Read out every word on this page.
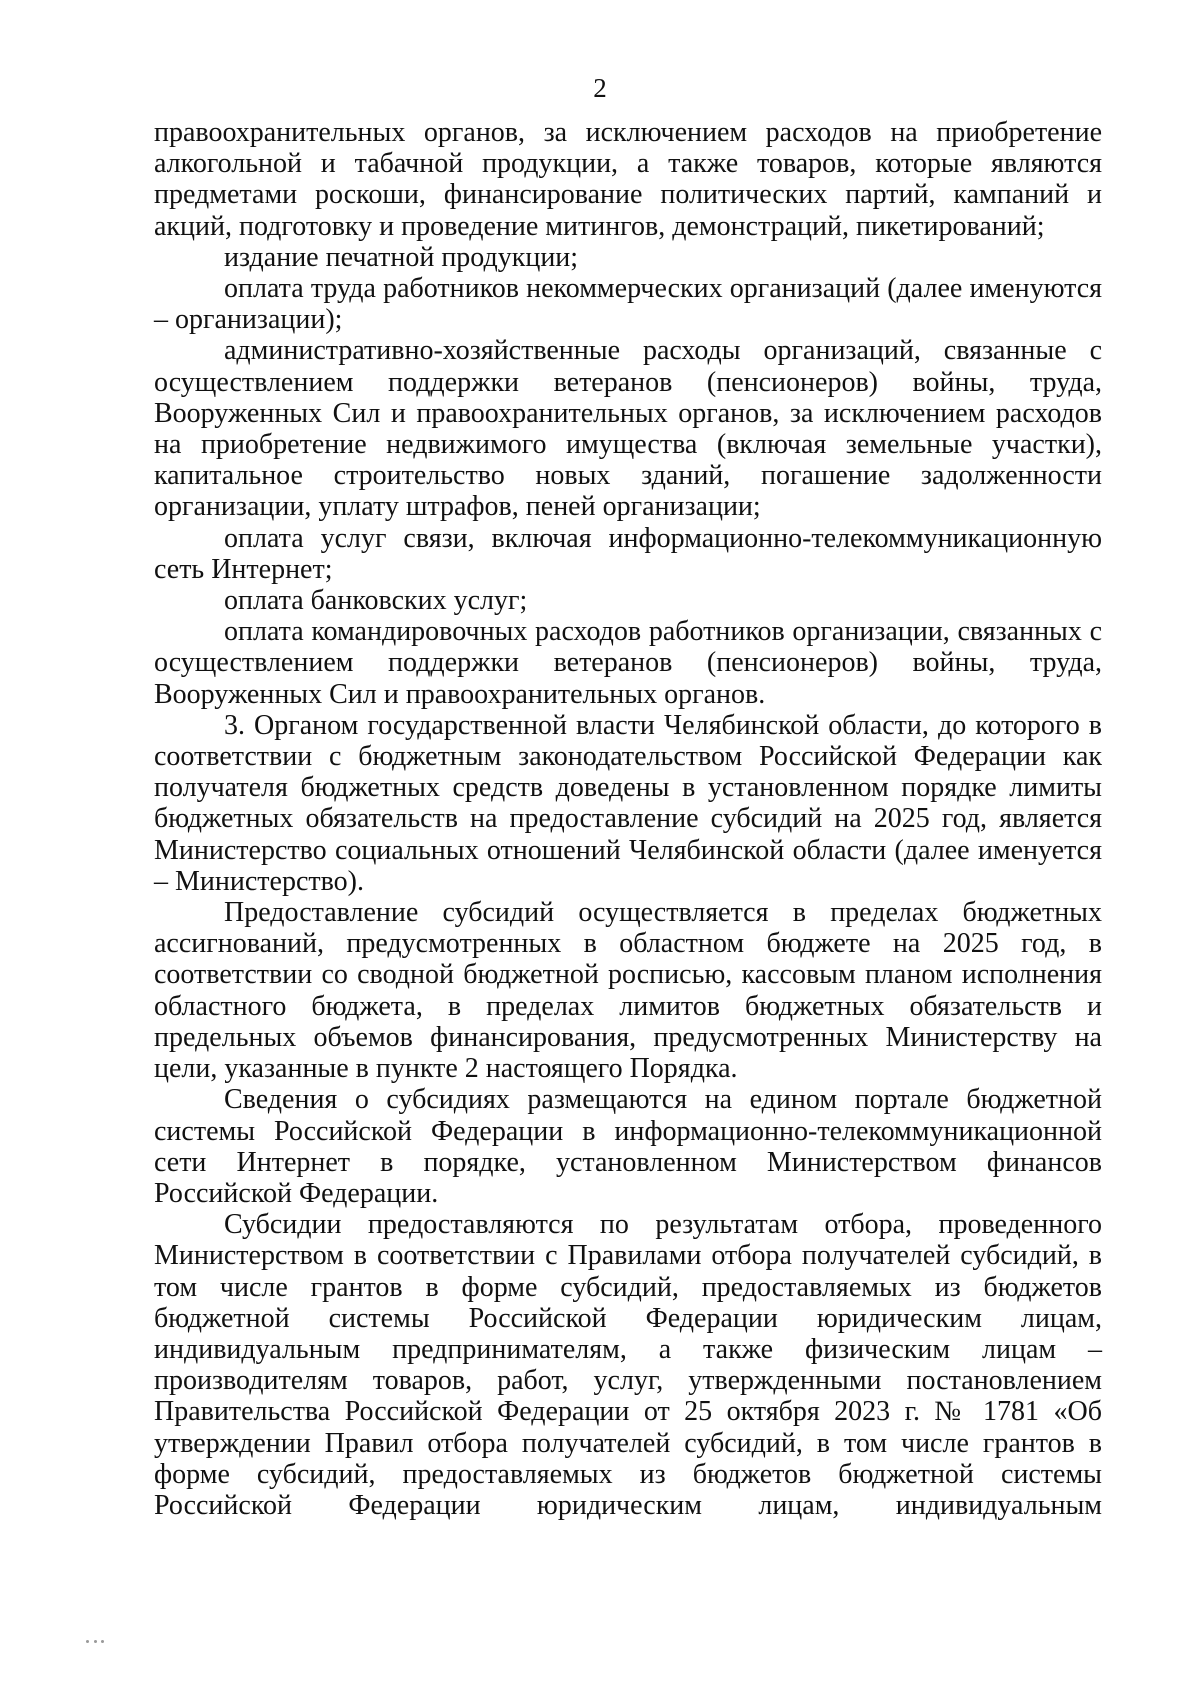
2

правоохранительных органов, за исключением расходов на приобретение алкогольной и табачной продукции, а также товаров, которые являются предметами роскоши, финансирование политических партий, кампаний и акций, подготовку и проведение митингов, демонстраций, пикетирований;

издание печатной продукции;

оплата труда работников некоммерческих организаций (далее именуются – организации);

административно-хозяйственные расходы организаций, связанные с осуществлением поддержки ветеранов (пенсионеров) войны, труда, Вооруженных Сил и правоохранительных органов, за исключением расходов на приобретение недвижимого имущества (включая земельные участки), капитальное строительство новых зданий, погашение задолженности организации, уплату штрафов, пеней организации;

оплата услуг связи, включая информационно-телекоммуникационную сеть Интернет;

оплата банковских услуг;

оплата командировочных расходов работников организации, связанных с осуществлением поддержки ветеранов (пенсионеров) войны, труда, Вооруженных Сил и правоохранительных органов.

3. Органом государственной власти Челябинской области, до которого в соответствии с бюджетным законодательством Российской Федерации как получателя бюджетных средств доведены в установленном порядке лимиты бюджетных обязательств на предоставление субсидий на 2025 год, является Министерство социальных отношений Челябинской области (далее именуется – Министерство).

Предоставление субсидий осуществляется в пределах бюджетных ассигнований, предусмотренных в областном бюджете на 2025 год, в соответствии со сводной бюджетной росписью, кассовым планом исполнения областного бюджета, в пределах лимитов бюджетных обязательств и предельных объемов финансирования, предусмотренных Министерству на цели, указанные в пункте 2 настоящего Порядка.

Сведения о субсидиях размещаются на едином портале бюджетной системы Российской Федерации в информационно-телекоммуникационной сети Интернет в порядке, установленном Министерством финансов Российской Федерации.

Субсидии предоставляются по результатам отбора, проведенного Министерством в соответствии с Правилами отбора получателей субсидий, в том числе грантов в форме субсидий, предоставляемых из бюджетов бюджетной системы Российской Федерации юридическим лицам, индивидуальным предпринимателям, а также физическим лицам – производителям товаров, работ, услуг, утвержденными постановлением Правительства Российской Федерации от 25 октября 2023 г. № 1781 «Об утверждении Правил отбора получателей субсидий, в том числе грантов в форме субсидий, предоставляемых из бюджетов бюджетной системы Российской Федерации юридическим лицам, индивидуальным
